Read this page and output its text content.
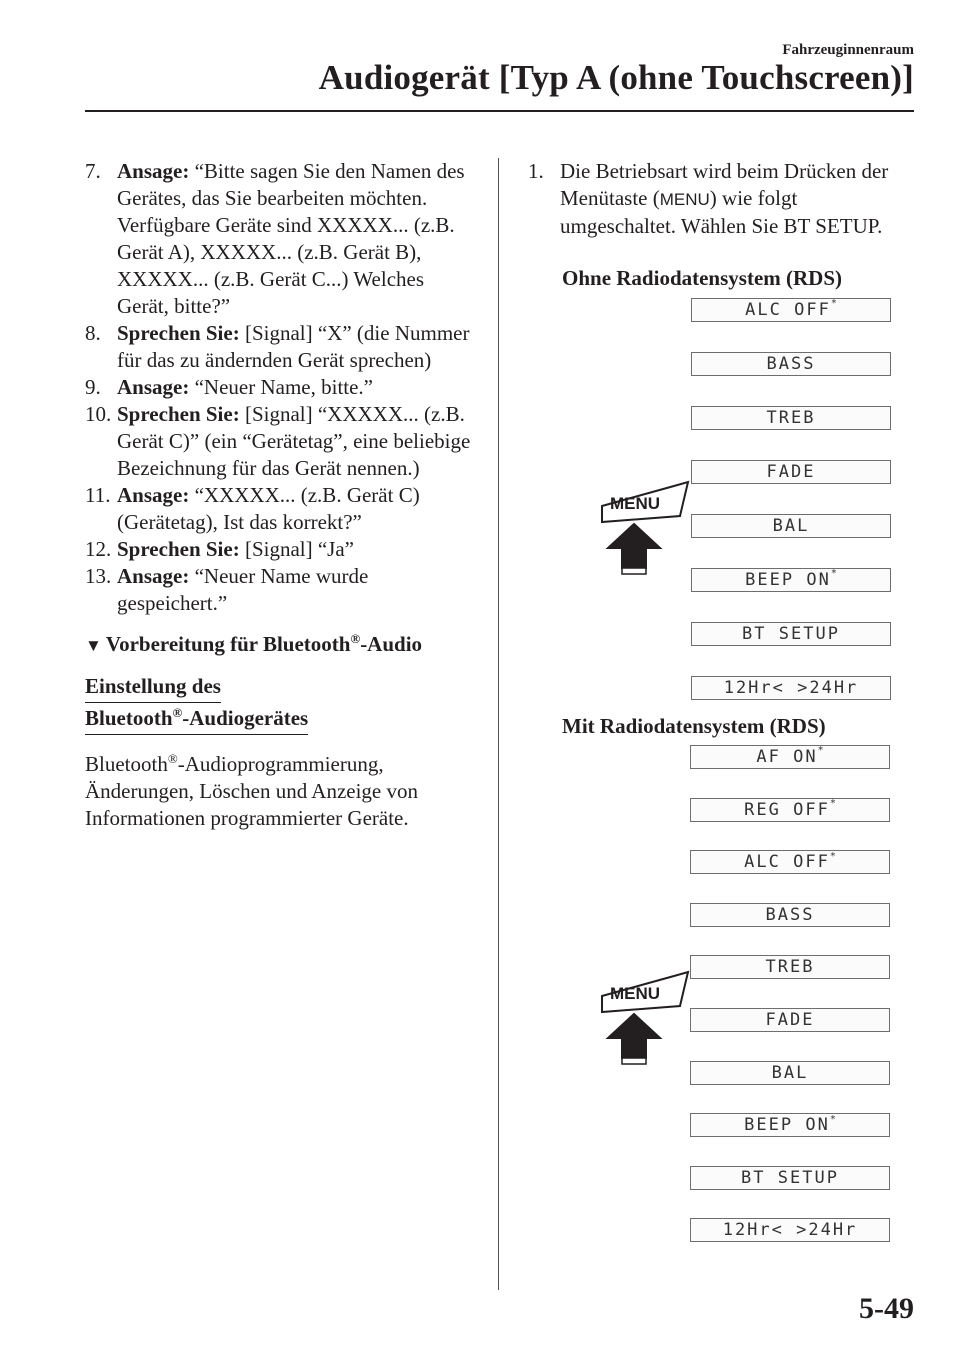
Fahrzeuginnenraum
Audiogerät [Typ A (ohne Touchscreen)]
7. Ansage: “Bitte sagen Sie den Namen des Gerätes, das Sie bearbeiten möchten. Verfügbare Geräte sind XXXXX... (z.B. Gerät A), XXXXX... (z.B. Gerät B), XXXXX... (z.B. Gerät C...) Welches Gerät, bitte?”
8. Sprechen Sie: [Signal] “X” (die Nummer für das zu ändernden Gerät sprechen)
9. Ansage: “Neuer Name, bitte.”
10. Sprechen Sie: [Signal] “XXXXX... (z.B. Gerät C)” (ein “Gerätetag”, eine beliebige Bezeichnung für das Gerät nennen.)
11. Ansage: “XXXXX... (z.B. Gerät C) (Gerätetag), Ist das korrekt?”
12. Sprechen Sie: [Signal] “Ja”
13. Ansage: “Neuer Name wurde gespeichert.”
▼ Vorbereitung für Bluetooth®-Audio
Einstellung des
Bluetooth®-Audiogerätes
Bluetooth®-Audioprogrammierung, Änderungen, Löschen und Anzeige von Informationen programmierter Geräte.
1. Die Betriebsart wird beim Drücken der Menütaste (MENU) wie folgt umgeschaltet. Wählen Sie BT SETUP.
Ohne Radiodatensystem (RDS)
ALC OFF*
BASS
TREB
FADE
BAL
BEEP ON*
BT SETUP
12Hr< >24Hr
Mit Radiodatensystem (RDS)
AF ON*
REG OFF*
ALC OFF*
BASS
TREB
FADE
BAL
BEEP ON*
BT SETUP
12Hr< >24Hr
MENU
MENU
5-49
